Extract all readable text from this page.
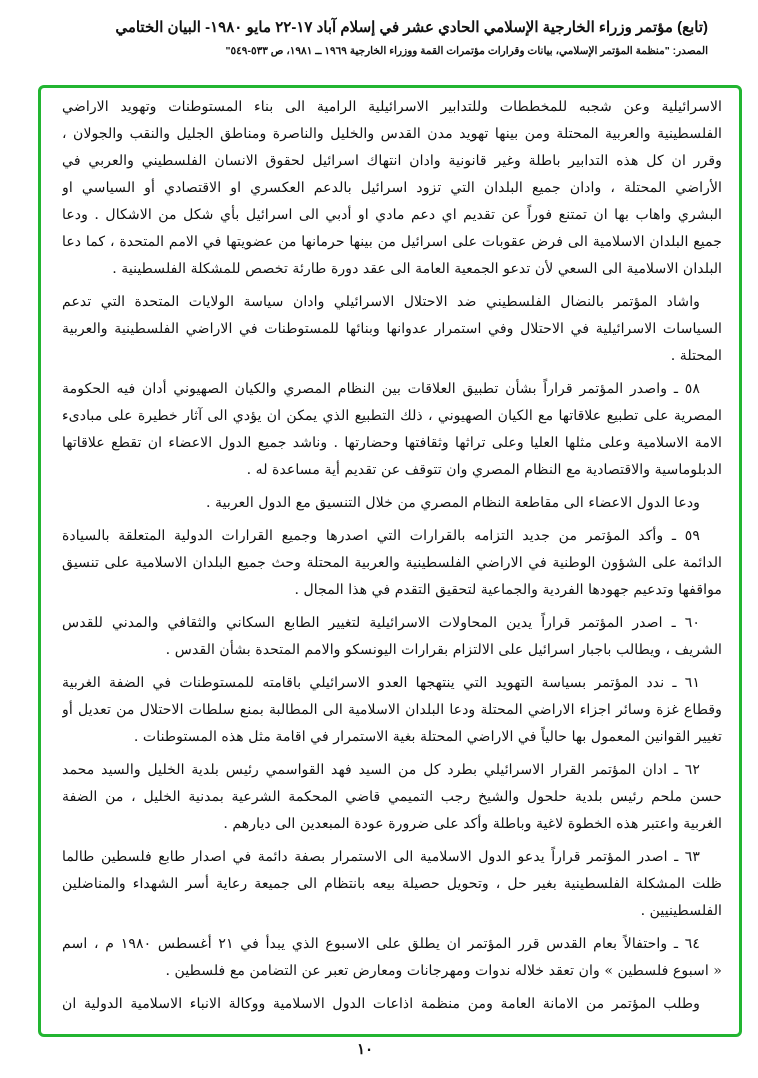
(تابع) مؤتمر وزراء الخارجية الإسلامي الحادي عشر في إسلام آباد ١٧-٢٢ مايو ١٩٨٠- البيان الختامي
المصدر: "منظمة المؤتمر الإسلامي، بيانات وقرارات مؤتمرات القمة ووزراء الخارجية ١٩٦٩ ــ ١٩٨١، ص ٥٣٣-٥٤٩"
الاسرائيلية وعن شجبه للمخططات وللتدابير الاسرائيلية الرامية الى بناء المستوطنات وتهويد الاراضي
الفلسطينية والعربية المحتلة ومن بينها تهويد مدن القدس والخليل والناصرة ومناطق الجليل والنقب والجولان ،
وقرر ان كل هذه التدابير باطلة وغير قانونية وادان انتهاك اسرائيل لحقوق الانسان الفلسطيني والعربي في
الأراضي المحتلة ، وادان جميع البلدان التي تزود اسرائيل بالدعم العكسري او الاقتصادي أو السياسي او
البشري واهاب بها ان تمتنع فوراً عن تقديم اي دعم مادي او أدبي الى اسرائيل بأي شكل من الاشكال . ودعا
جميع البلدان الاسلامية الى فرض عقوبات على اسرائيل من بينها حرمانها من عضويتها في الامم المتحدة ، كما دعا
البلدان الاسلامية الى السعي لأن تدعو الجمعية العامة الى عقد دورة طارئة تخصص للمشكلة الفلسطينية .
واشاد المؤتمر بالنضال الفلسطيني ضد الاحتلال الاسرائيلي وادان سياسة الولايات المتحدة التي تدعم
السياسات الاسرائيلية في الاحتلال وفي استمرار عدوانها وبنائها للمستوطنات في الاراضي الفلسطينية والعربية
المحتلة .
٥٨ ـ واصدر المؤتمر قراراً بشأن تطبيق العلاقات بين النظام المصري والكيان الصهيوني أدان فيه الحكومة
المصرية على تطبيع علاقاتها مع الكيان الصهيوني ، ذلك التطبيع الذي يمكن ان يؤدي الى آثار خطيرة على مبادىء
الامة الاسلامية وعلى مثلها العليا وعلى تراثها وثقافتها وحضارتها . وناشد جميع الدول الاعضاء ان تقطع علاقاتها
الدبلوماسية والاقتصادية مع النظام المصري وان تتوقف عن تقديم أية مساعدة له .
ودعا الدول الاعضاء الى مقاطعة النظام المصري من خلال التنسيق مع الدول العربية .
٥٩ ـ وأكد المؤتمر من جديد التزامه بالقرارات التي اصدرها وجميع القرارات الدولية المتعلقة بالسيادة
الدائمة على الشؤون الوطنية في الاراضي الفلسطينية والعربية المحتلة وحث جميع البلدان الاسلامية على تنسيق
مواقفها وتدعيم جهودها الفردية والجماعية لتحقيق التقدم في هذا المجال .
٦٠ ـ اصدر المؤتمر قراراً يدين المحاولات الاسرائيلية لتغيير الطابع السكاني والثقافي والمدني للقدس
الشريف ، ويطالب باجبار اسرائيل على الالتزام بقرارات اليونسكو والامم المتحدة بشأن القدس .
٦١ ـ ندد المؤتمر بسياسة التهويد التي ينتهجها العدو الاسرائيلي باقامته للمستوطنات في الضفة الغربية
وقطاع غزة وسائر اجزاء الاراضي المحتلة ودعا البلدان الاسلامية الى المطالبة بمنع سلطات الاحتلال من تعديل أو
تغيير القوانين المعمول بها حالياً في الاراضي المحتلة بغية الاستمرار في اقامة مثل هذه المستوطنات .
٦٢ ـ ادان المؤتمر القرار الاسرائيلي بطرد كل من السيد فهد القواسمي رئيس بلدية الخليل والسيد محمد
حسن ملحم رئيس بلدية حلحول والشيخ رجب التميمي قاضي المحكمة الشرعية بمدنية الخليل ، من الضفة
الغربية واعتبر هذه الخطوة لاغية وباطلة وأكد على ضرورة عودة المبعدين الى ديارهم .
٦٣ ـ اصدر المؤتمر قراراً يدعو الدول الاسلامية الى الاستمرار بصفة دائمة في اصدار طابع فلسطين طالما
ظلت المشكلة الفلسطينية بغير حل ، وتحويل حصيلة بيعه بانتظام الى جميعة رعاية أسر الشهداء والمناضلين
الفلسطينيين .
٦٤ ـ واحتفالاً بعام القدس قرر المؤتمر ان يطلق على الاسبوع الذي يبدأ في ٢١ أغسطس ١٩٨٠ م ، اسم
« اسبوع فلسطين » وان تعقد خلاله ندوات ومهرجانات ومعارض تعبر عن التضامن مع فلسطين .
وطلب المؤتمر من الامانة العامة ومن منظمة اذاعات الدول الاسلامية ووكالة الانباء الاسلامية الدولية ان
١٠
